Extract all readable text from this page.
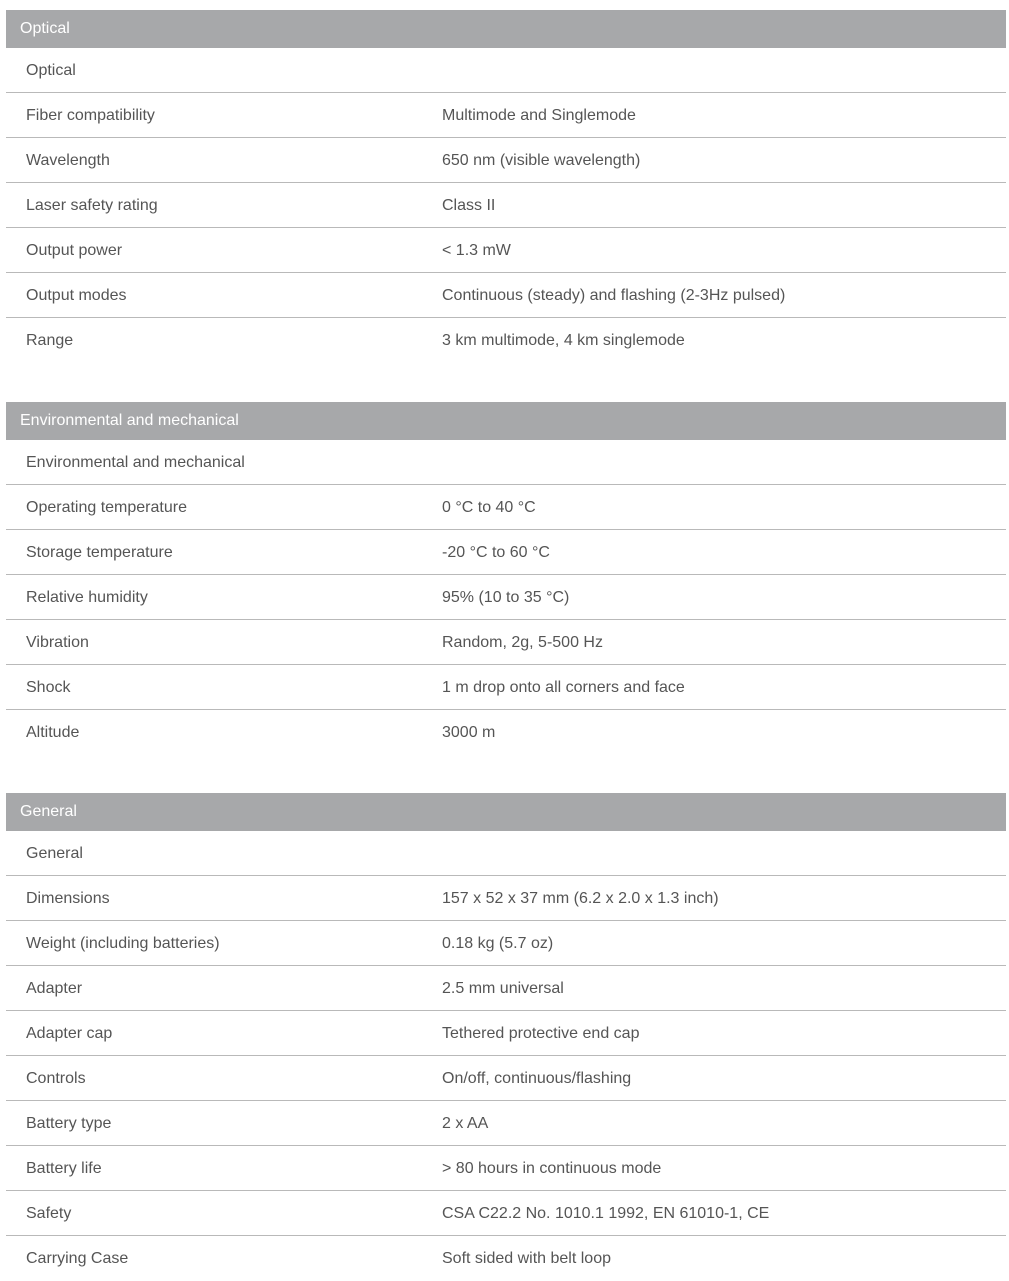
Optical
Optical
Fiber compatibility	Multimode and Singlemode
Wavelength	650 nm (visible wavelength)
Laser safety rating	Class II
Output power	< 1.3 mW
Output modes	Continuous (steady) and flashing (2-3Hz pulsed)
Range	3 km multimode, 4 km singlemode
Environmental and mechanical
Environmental and mechanical
Operating temperature	0 °C to 40 °C
Storage temperature	-20 °C to 60 °C
Relative humidity	95% (10 to 35 °C)
Vibration	Random, 2g, 5-500 Hz
Shock	1 m drop onto all corners and face
Altitude	3000 m
General
General
Dimensions	157 x 52 x 37 mm (6.2 x 2.0 x 1.3 inch)
Weight (including batteries)	0.18 kg (5.7 oz)
Adapter	2.5 mm universal
Adapter cap	Tethered protective end cap
Controls	On/off, continuous/flashing
Battery type	2 x AA
Battery life	> 80 hours in continuous mode
Safety	CSA C22.2 No. 1010.1 1992, EN 61010-1, CE
Carrying Case	Soft sided with belt loop
